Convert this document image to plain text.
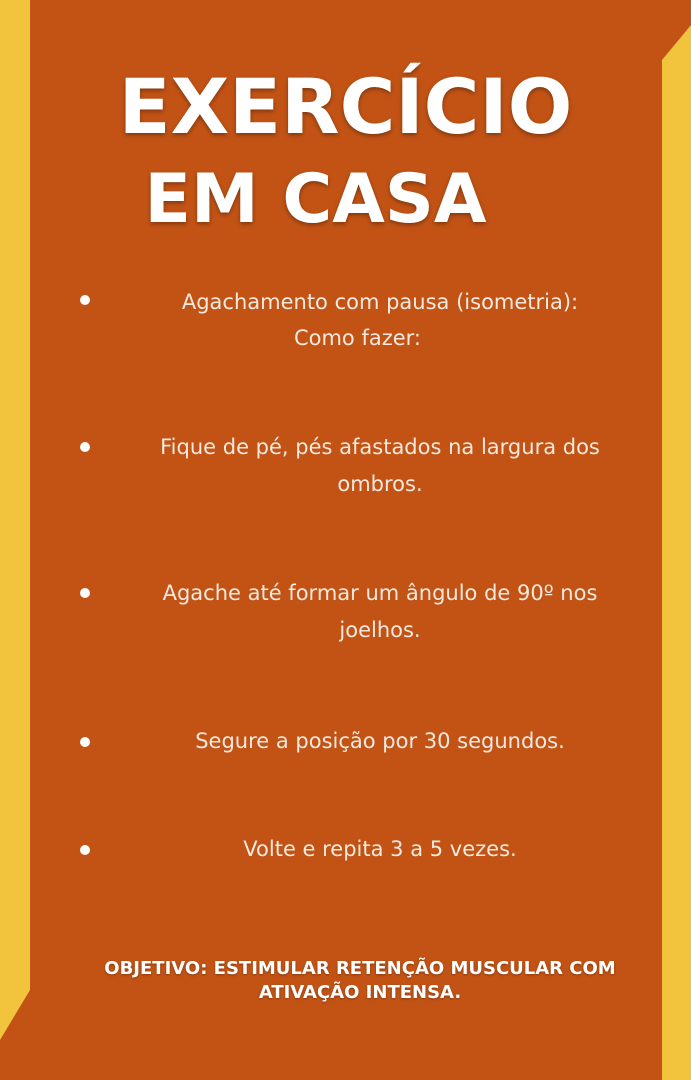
EXERCÍCIO
EM CASA
Agachamento com pausa (isometria):
Como fazer:
Fique de pé, pés afastados na largura dos
ombros.
Agache até formar um ângulo de 90º nos
joelhos.
Segure a posição por 30 segundos.
Volte e repita 3 a 5 vezes.
OBJETIVO: ESTIMULAR RETENÇÃO MUSCULAR COM
ATIVAÇÃO INTENSA.
